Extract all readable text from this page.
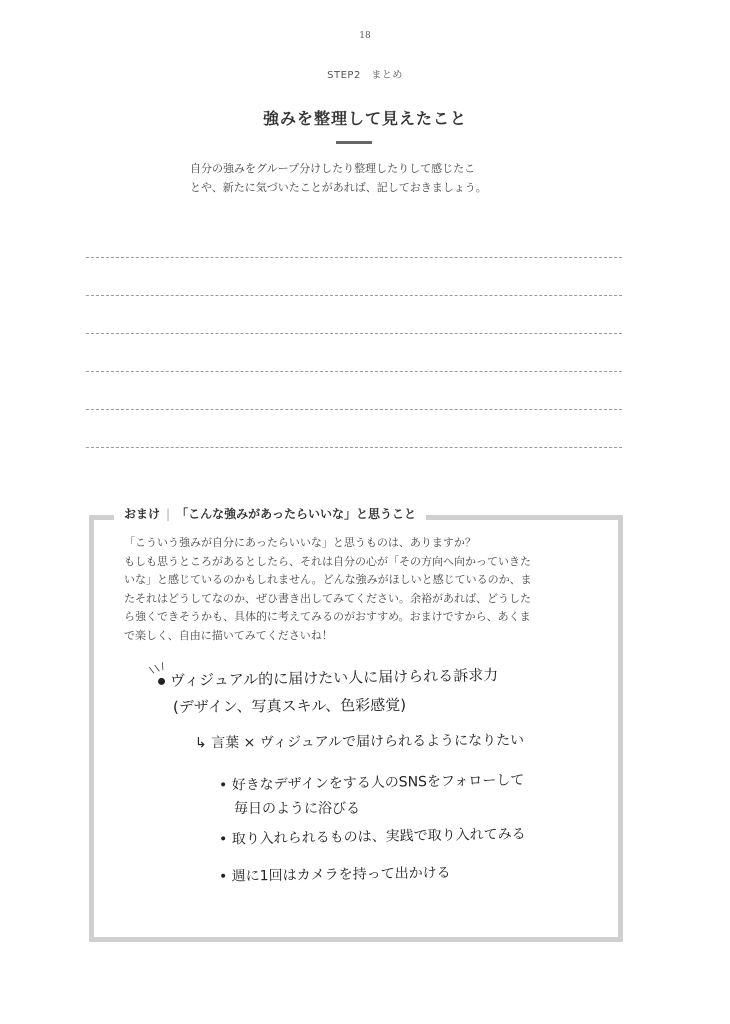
18
STEP2　まとめ
強みを整理して見えたこと

自分の強みをグループ分けしたり整理したりして感じたこ
とや、新たに気づいたことがあれば、記しておきましょう。

おまけ | 「こんな強みがあったらいいな」と思うこと
「こういう強みが自分にあったらいいな」と思うものは、ありますか？
もしも思うところがあるとしたら、それは自分の心が「その方向へ向かっていきた
いな」と感じているのかもしれません。どんな強みがほしいと感じているのか、ま
たそれはどうしてなのか、ぜひ書き出してみてください。余裕があれば、どうした
ら強くできそうかも、具体的に考えてみるのがおすすめ。おまけですから、あくま
で楽しく、自由に描いてみてくださいね！
\ \ / ヴィジュアル的に届けたい人に届けられる訴求力
(デザイン、写真スキル、色彩感覚)
↳ 言葉 × ヴィジュアルで届けられるようになりたい
• 好きなデザインをする人のSNSをフォローして
毎日のように浴びる
• 取り入れられるものは、実践で取り入れてみる
• 週に1回はカメラを持って出かける
